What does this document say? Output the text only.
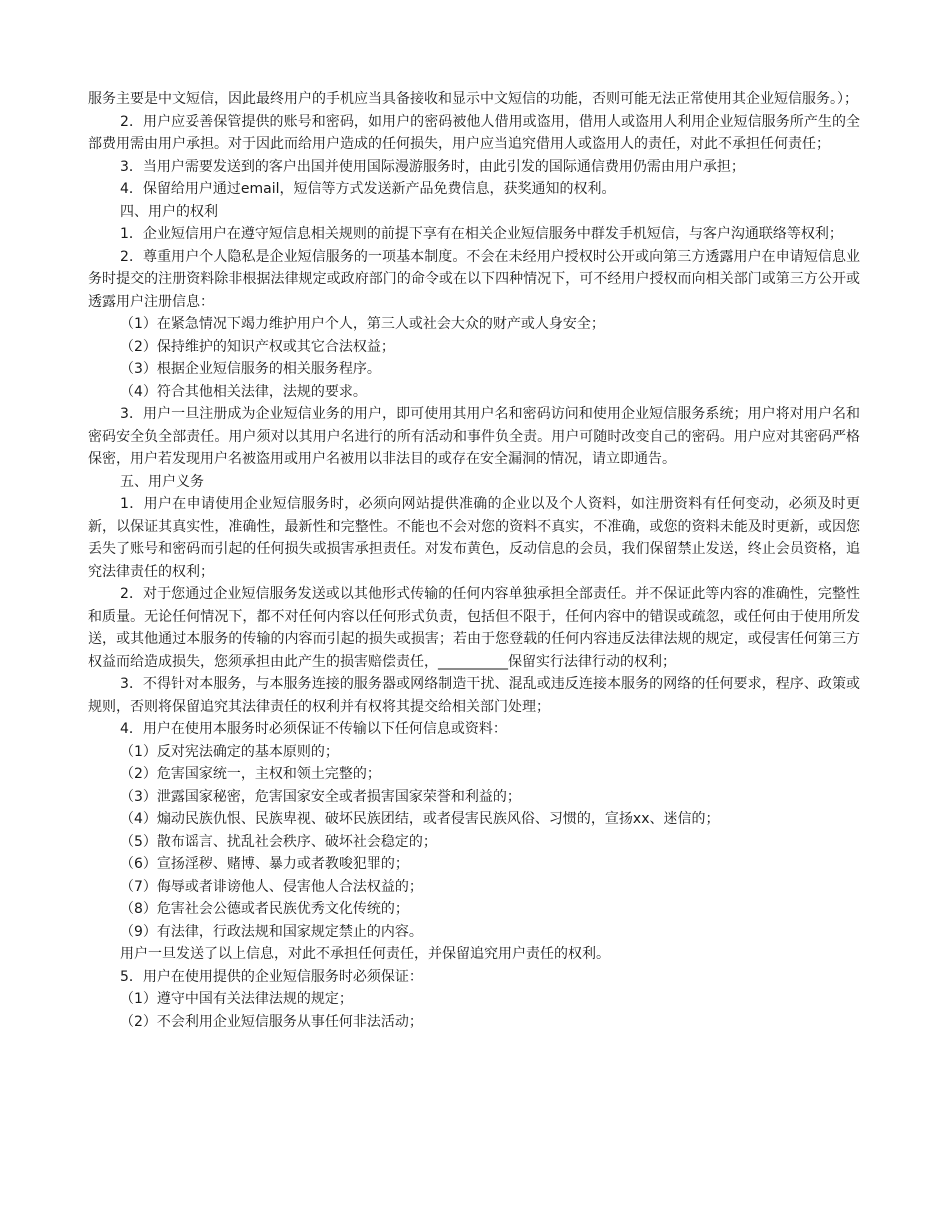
服务主要是中文短信，因此最终用户的手机应当具备接收和显示中文短信的功能，否则可能无法正常使用其企业短信服务。）；

2．用户应妥善保管提供的账号和密码，如用户的密码被他人借用或盗用，借用人或盗用人利用企业短信服务所产生的全部费用需由用户承担。对于因此而给用户造成的任何损失，用户应当追究借用人或盗用人的责任，对此不承担任何责任；

3．当用户需要发送到的客户出国并使用国际漫游服务时，由此引发的国际通信费用仍需由用户承担；

4．保留给用户通过email，短信等方式发送新产品免费信息，获奖通知的权利。

四、用户的权利

1．企业短信用户在遵守短信息相关规则的前提下享有在相关企业短信服务中群发手机短信，与客户沟通联络等权利；

2．尊重用户个人隐私是企业短信服务的一项基本制度。不会在未经用户授权时公开或向第三方透露用户在申请短信息业务时提交的注册资料除非根据法律规定或政府部门的命令或在以下四种情况下，可不经用户授权而向相关部门或第三方公开或透露用户注册信息：

（1）在紧急情况下竭力维护用户个人，第三人或社会大众的财产或人身安全；

（2）保持维护的知识产权或其它合法权益；

（3）根据企业短信服务的相关服务程序。

（4）符合其他相关法律，法规的要求。

3．用户一旦注册成为企业短信业务的用户，即可使用其用户名和密码访问和使用企业短信服务系统；用户将对用户名和密码安全负全部责任。用户须对以其用户名进行的所有活动和事件负全责。用户可随时改变自己的密码。用户应对其密码严格保密，用户若发现用户名被盗用或用户名被用以非法目的或存在安全漏洞的情况，请立即通告。

五、用户义务

1．用户在申请使用企业短信服务时，必须向网站提供准确的企业以及个人资料，如注册资料有任何变动，必须及时更新，以保证其真实性，准确性，最新性和完整性。不能也不会对您的资料不真实，不准确，或您的资料未能及时更新，或因您丢失了账号和密码而引起的任何损失或损害承担责任。对发布黄色，反动信息的会员，我们保留禁止发送，终止会员资格，追究法律责任的权利；

2．对于您通过企业短信服务发送或以其他形式传输的任何内容单独承担全部责任。并不保证此等内容的准确性，完整性和质量。无论任何情况下，都不对任何内容以任何形式负责，包括但不限于，任何内容中的错误或疏忽，或任何由于使用所发送，或其他通过本服务的传输的内容而引起的损失或损害；若由于您登载的任何内容违反法律法规的规定，或侵害任何第三方权益而给造成损失，您须承担由此产生的损害赔偿责任，__________保留实行法律行动的权利；

3．不得针对本服务，与本服务连接的服务器或网络制造干扰、混乱或违反连接本服务的网络的任何要求，程序、政策或规则，否则将保留追究其法律责任的权利并有权将其提交给相关部门处理；

4．用户在使用本服务时必须保证不传输以下任何信息或资料：

（1）反对宪法确定的基本原则的；

（2）危害国家统一，主权和领土完整的；

（3）泄露国家秘密，危害国家安全或者损害国家荣誉和利益的；

（4）煽动民族仇恨、民族卑视、破坏民族团结，或者侵害民族风俗、习惯的，宣扬xx、迷信的；

（5）散布谣言、扰乱社会秩序、破坏社会稳定的；

（6）宣扬淫秽、赌博、暴力或者教唆犯罪的；

（7）侮辱或者诽谤他人、侵害他人合法权益的；

（8）危害社会公德或者民族优秀文化传统的；

（9）有法律，行政法规和国家规定禁止的内容。

用户一旦发送了以上信息，对此不承担任何责任，并保留追究用户责任的权利。

5．用户在使用提供的企业短信服务时必须保证：

（1）遵守中国有关法律法规的规定；

（2）不会利用企业短信服务从事任何非法活动；
